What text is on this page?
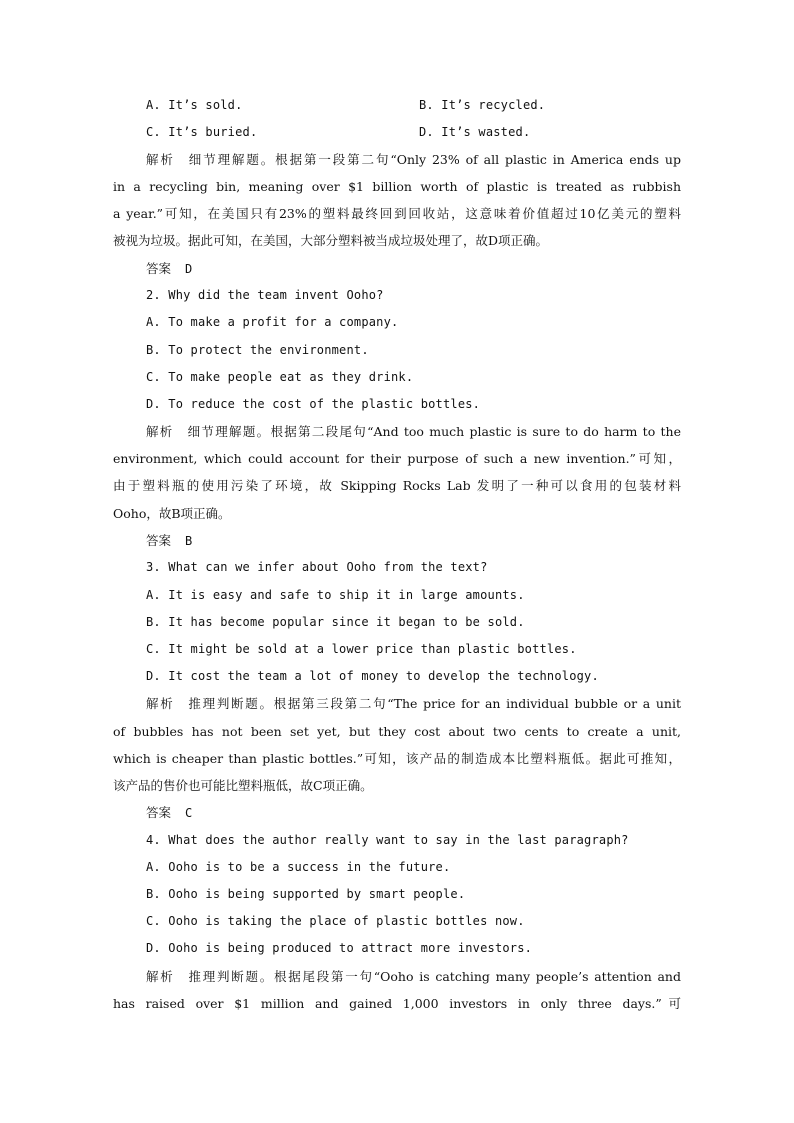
A. It’s sold.	B. It’s recycled.
C. It’s buried.	D. It’s wasted.
解析 细节理解题。根据第一段第二句“Only 23% of all plastic in America ends up
in a recycling bin, meaning over $1 billion worth of plastic is treated as rubbish
a year.”可知，在美国只有23%的塑料最终回到回收站，这意味着价值超过10亿美元的塑料
被视为垃圾。据此可知，在美国，大部分塑料被当成垃圾处理了，故D项正确。
答案 D
2. Why did the team invent Ooho?
A. To make a profit for a company.
B. To protect the environment.
C. To make people eat as they drink.
D. To reduce the cost of the plastic bottles.
解析 细节理解题。根据第二段尾句“And too much plastic is sure to do harm to the
environment, which could account for their purpose of such a new invention.”可知，
由于塑料瓶的使用污染了环境，故 Skipping Rocks Lab 发明了一种可以食用的包装材料
Ooho，故B项正确。
答案 B
3. What can we infer about Ooho from the text?
A. It is easy and safe to ship it in large amounts.
B. It has become popular since it began to be sold.
C. It might be sold at a lower price than plastic bottles.
D. It cost the team a lot of money to develop the technology.
解析 推理判断题。根据第三段第二句“The price for an individual bubble or a unit
of bubbles has not been set yet, but they cost about two cents to create a unit,
which is cheaper than plastic bottles.”可知，该产品的制造成本比塑料瓶低。据此可推知，
该产品的售价也可能比塑料瓶低，故C项正确。
答案 C
4. What does the author really want to say in the last paragraph?
A. Ooho is to be a success in the future.
B. Ooho is being supported by smart people.
C. Ooho is taking the place of plastic bottles now.
D. Ooho is being produced to attract more investors.
解析 推理判断题。根据尾段第一句“Ooho is catching many people’s attention and
has raised over $1 million and gained 1,000 investors in only three days.”可
